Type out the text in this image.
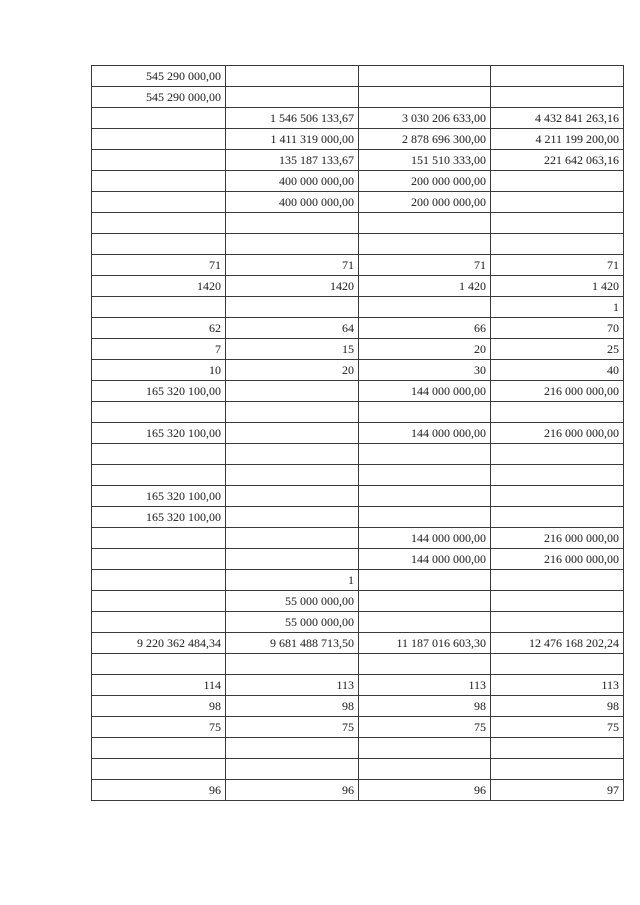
545 290 000,00			
545 290 000,00			
	1 546 506 133,67	3 030 206 633,00	4 432 841 263,16
	1 411 319 000,00	2 878 696 300,00	4 211 199 200,00
	135 187 133,67	151 510 333,00	221 642 063,16
	400 000 000,00	200 000 000,00	
	400 000 000,00	200 000 000,00	

71	71	71	71
1420	1420	1 420	1 420
			1
62	64	66	70
7	15	20	25
10	20	30	40
165 320 100,00		144 000 000,00	216 000 000,00

165 320 100,00		144 000 000,00	216 000 000,00

165 320 100,00			
165 320 100,00			
		144 000 000,00	216 000 000,00
		144 000 000,00	216 000 000,00
	1		
	55 000 000,00		
	55 000 000,00		
9 220 362 484,34	9 681 488 713,50	11 187 016 603,30	12 476 168 202,24

114	113	113	113
98	98	98	98
75	75	75	75

96	96	96	97
